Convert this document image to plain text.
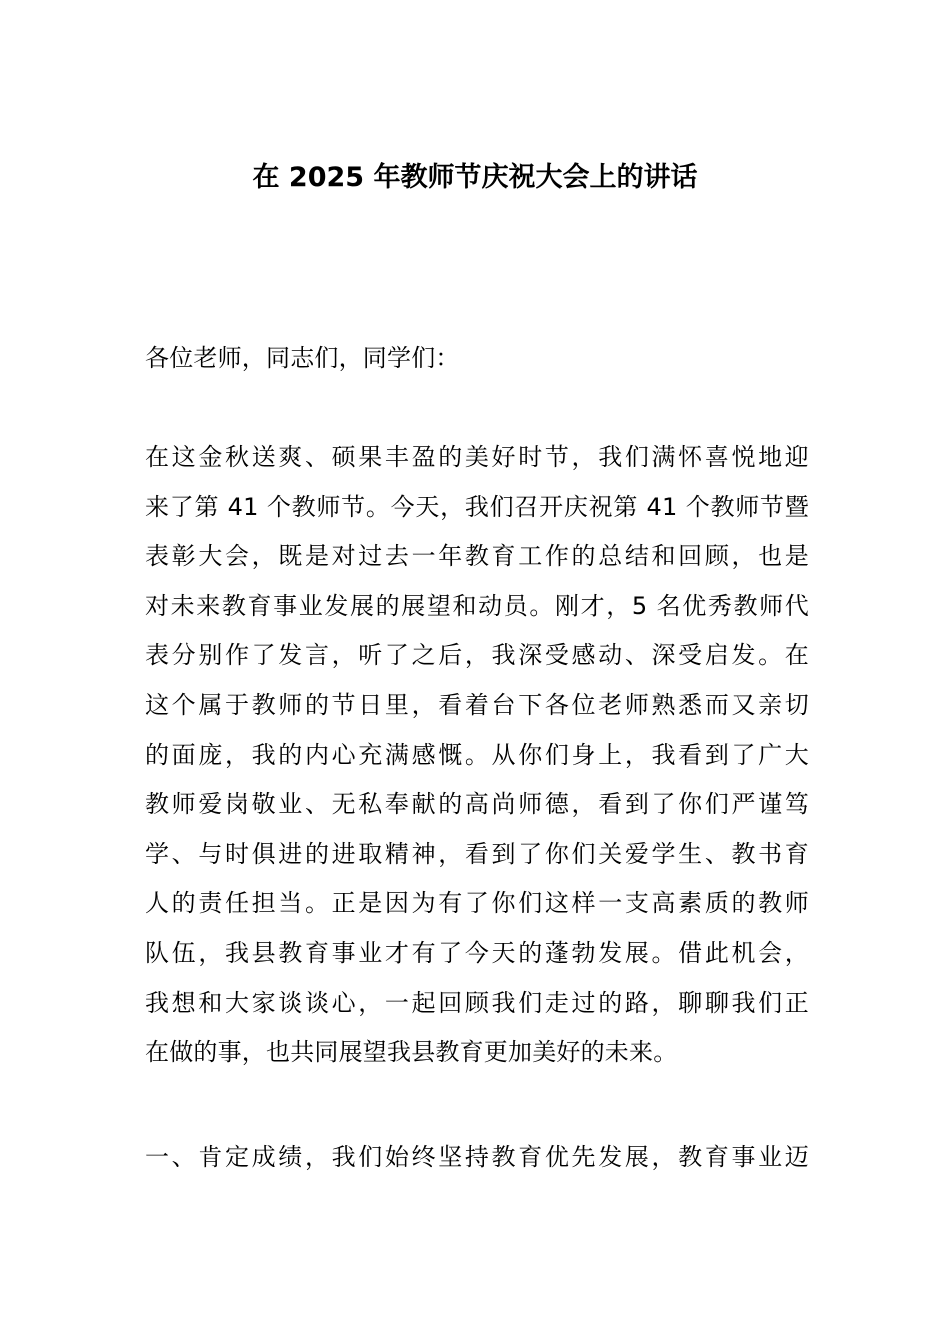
在 2025 年教师节庆祝大会上的讲话

各位老师，同志们，同学们：

在这金秋送爽、硕果丰盈的美好时节，我们满怀喜悦地迎
来了第 41 个教师节。今天，我们召开庆祝第 41 个教师节暨
表彰大会，既是对过去一年教育工作的总结和回顾，也是
对未来教育事业发展的展望和动员。刚才，5 名优秀教师代
表分别作了发言，听了之后，我深受感动、深受启发。在
这个属于教师的节日里，看着台下各位老师熟悉而又亲切
的面庞，我的内心充满感慨。从你们身上，我看到了广大
教师爱岗敬业、无私奉献的高尚师德，看到了你们严谨笃
学、与时俱进的进取精神，看到了你们关爱学生、教书育
人的责任担当。正是因为有了你们这样一支高素质的教师
队伍，我县教育事业才有了今天的蓬勃发展。借此机会，
我想和大家谈谈心，一起回顾我们走过的路，聊聊我们正
在做的事，也共同展望我县教育更加美好的未来。

一、肯定成绩，我们始终坚持教育优先发展，教育事业迈
